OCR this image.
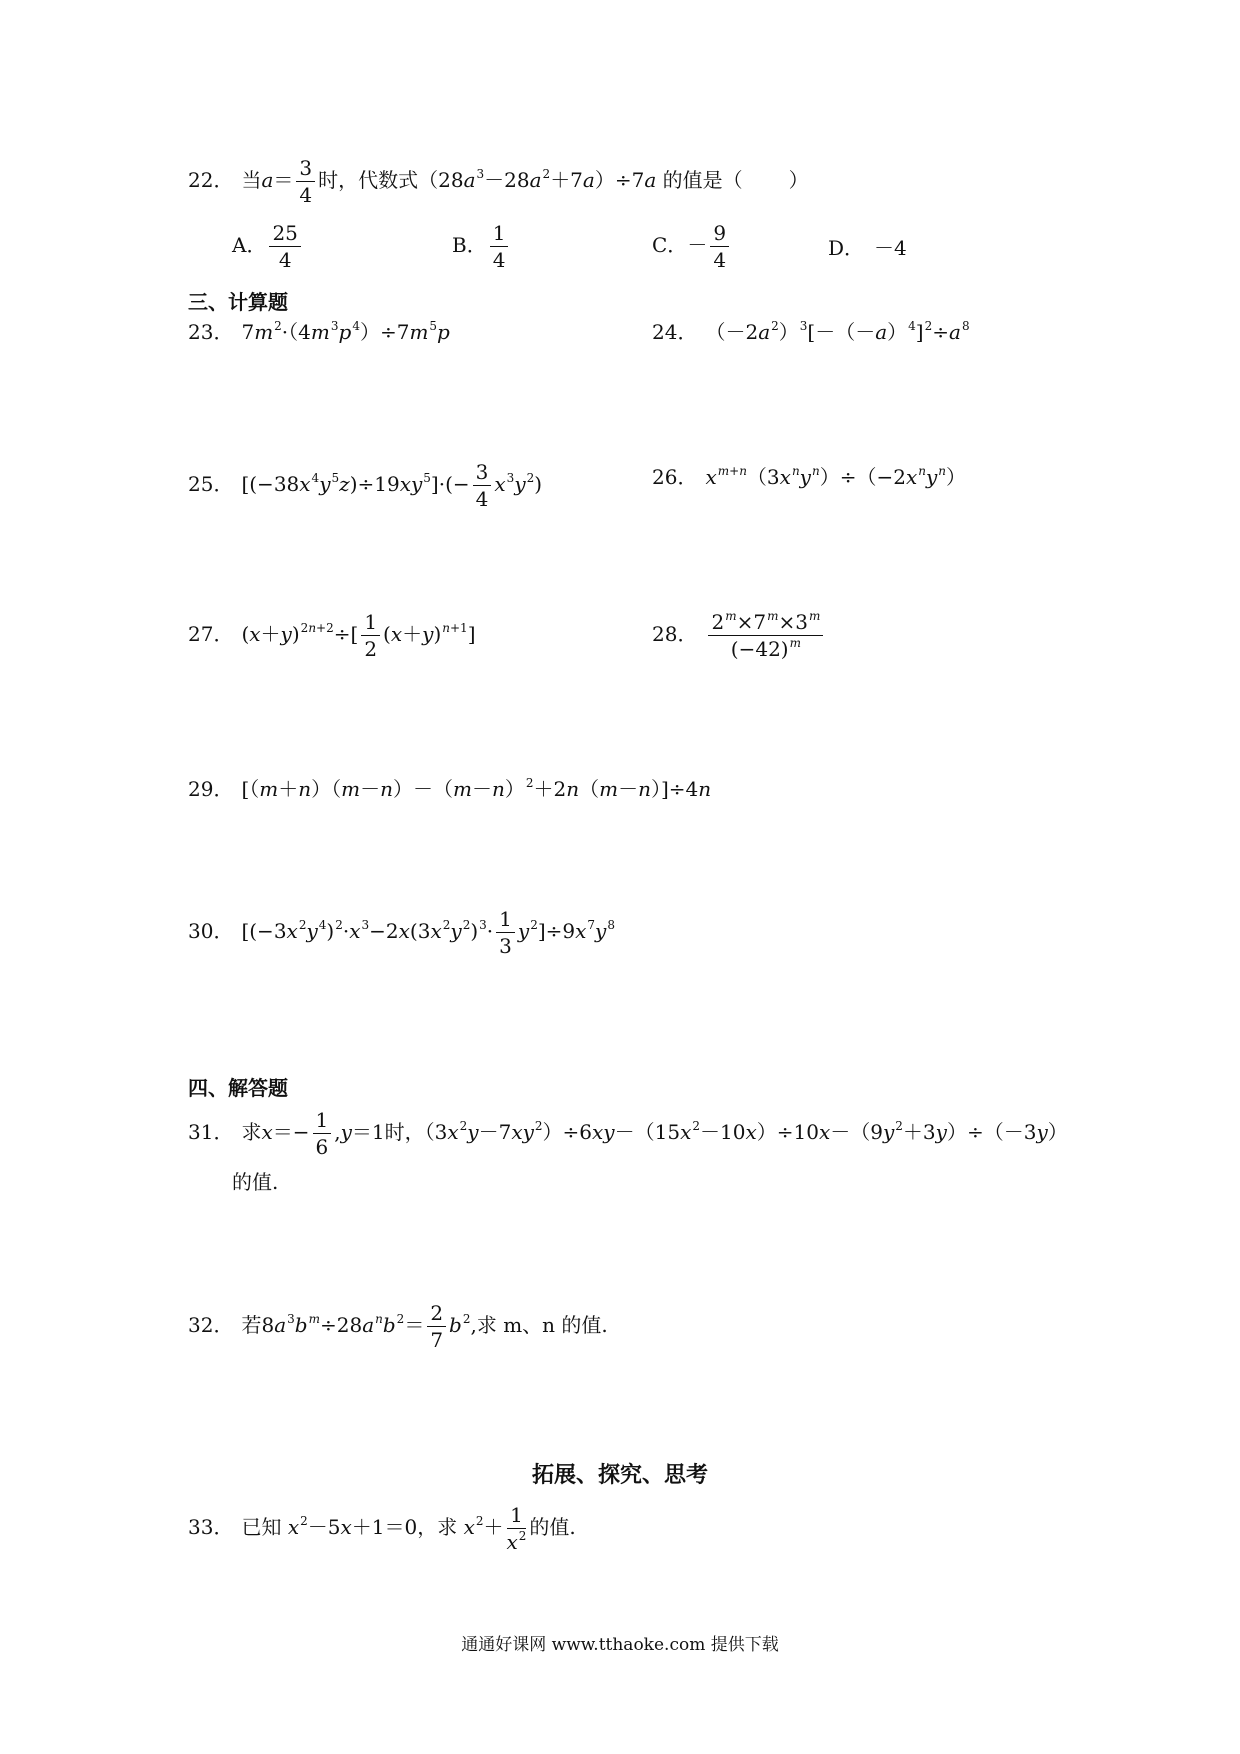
22． 当$a= \frac{3}{4}$ 时，代数式$(28a^3-28a^2+7a)\div 7a$ 的值是（ ）
A． $\frac{25}{4}$	B． $\frac{1}{4}$	C．－ $\frac{9}{4}$	D． －4
三、计算题
23． $7m^2\cdot(4m^3p^4)\div 7m^5p$	24． $(-2a^2)^3[-(-a)^4]^2\div a^8$
25． $[(-38x^4y^5z)\div 19xy^5]\cdot(- \frac{3}{4} x^3y^2)$	26． $x^{m+n}(3x^ny^n)\div(-2x^ny^n)$
27． $(x+y)^{2n+2}\div[ \frac{1}{2} (x+y)^{n+1}]$	28． $\frac{2^m\times 7^m\times 3^m}{(-42)^m}$
29． $[(m+n)(m-n)-(m-n)^2+2n(m-n)]\div 4n$
30． $[(-3x^2y^4)^2\cdot x^3-2x(3x^2y^2)^3\cdot \frac{1}{3} y^2]\div 9x^7y^8$
四、解答题
31． 求$x=- \frac{1}{6} ,y=1$时，$(3x^2y-7xy^2)\div 6xy-(15x^2-10x)\div 10x-(9y^2+3y)\div(-3y)$
的值.
32． 若$8a^3b^m\div 28a^nb^2= \frac{2}{7} b^2$,求 m、n 的值.
拓展、探究、思考
33． 已知 $x^2-5x+1=0$，求 $x^2+ \frac{1}{x^2}$ 的值.
通通好课网 www.tthaoke.com 提供下载
